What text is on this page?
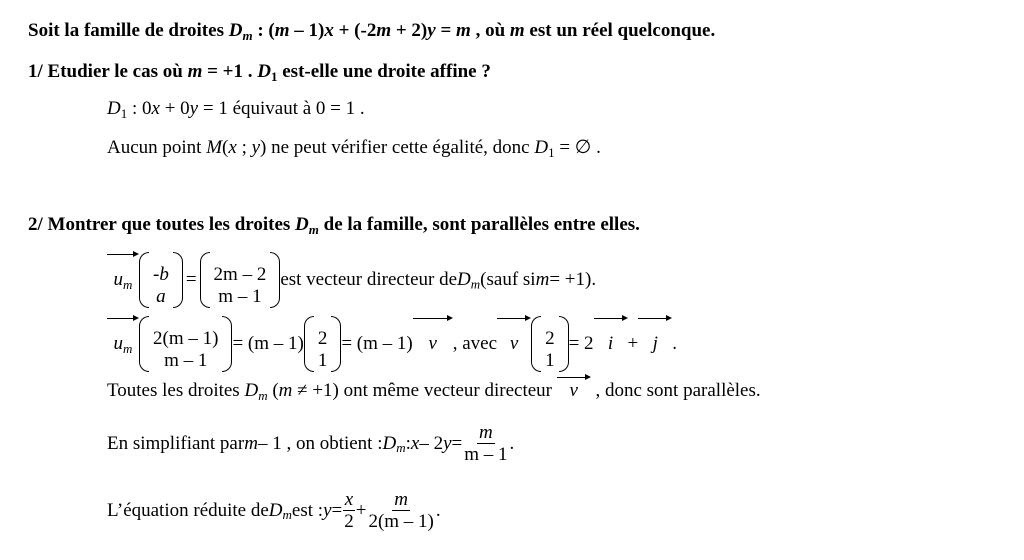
Soit la famille de droites $D_m$ : (m – 1)x + (-2m + 2)y = m , où m est un réel quelconque.
1/ Etudier le cas où m = +1 . $D_1$ est-elle une droite affine ?
$D_1$ : 0x + 0y = 1 équivaut à 0 = 1 .
Aucun point M(x ; y) ne peut vérifier cette égalité, donc $D_1$ = ∅ .
2/ Montrer que toutes les droites $D_m$ de la famille, sont parallèles entre elles.
$u_m$ -b
a
= 2m – 2
m – 1
est vecteur directeur deD$_m$(sauf sim= +1).
$u_m$ 2(m – 1)
m – 1
= (m – 1) 2
1
= (m – 1)v, avecv 2
1
= 2i+j.
Toutes les droites $D_m$ (m ≠ +1) ont même vecteur directeur v , donc sont parallèles.
En simplifiant parm– 1 , on obtient $:D_m:x-$ $2y= \frac{m}{m - 1}$ .
L’équation réduite deD$_m$est :y= $\frac{x}{2} + \frac{m}{2(m - 1)}$ .
